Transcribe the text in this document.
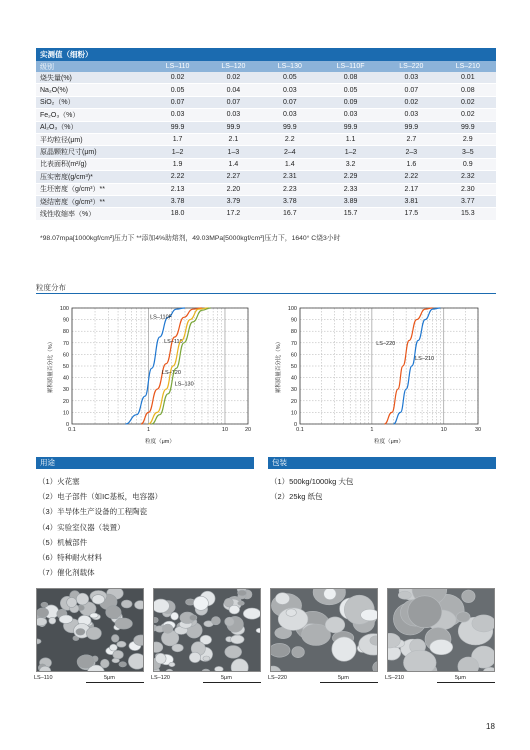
实测值（细粉）
级别	LS–110	LS–120	LS–130	LS–110F	LS–220	LS–210
烧失量(%)	0.02	0.02	0.05	0.08	0.03	0.01
Na₂O(%)	0.05	0.04	0.03	0.05	0.07	0.08
SiO₂（%）	0.07	0.07	0.07	0.09	0.02	0.02
Fe₂O₃（%）	0.03	0.03	0.03	0.03	0.03	0.02
Al₂O₃（%）	99.9	99.9	99.9	99.9	99.9	99.9
平均粒径(μm)	1.7	2.1	2.2	1.1	2.7	2.9
原晶颗粒尺寸(μm)	1–2	1–3	2–4	1–2	2–3	3–5
比表面积(m²/g)	1.9	1.4	1.4	3.2	1.6	0.9
压实密度(g/cm³)*	2.22	2.27	2.31	2.29	2.22	2.32
生坯密度（g/cm³）**	2.13	2.20	2.23	2.33	2.17	2.30
烧结密度（g/cm³）**	3.78	3.79	3.78	3.89	3.81	3.77
线性收缩率（%）	18.0	17.2	16.7	15.7	17.5	15.3
*98.07mpa[1000kgf/cm²]压力下 **添加4%助熔剂，49.03MPa[5000kgf/cm²]压力下，1640° C烧3小时
粒度分布
0
10
20
30
40
50
60
70
80
90
100
0.1	1	10	20
粒度（μm）
累积质量百分比（%）
LS–110F
LS–110
LS–120
LS–130
0
10
20
30
40
50
60
70
80
90
100
0.1	1	10	30
粒度（μm）
累积质量百分比（%）	LS–220
LS–210
用途	包装
（1）火花塞
（2）电子部件（如IC基板，电容器）
（3）半导体生产设备的工程陶瓷
（4）实验室仪器（装置）
（5）机械部件
（6）特种耐火材料
（7）催化剂载体
（1）500kg/1000kg 大包
（2）25kg 纸包
LS–110	5μm	LS–120	5μm	LS–220	5μm	LS–210	5μm
18
